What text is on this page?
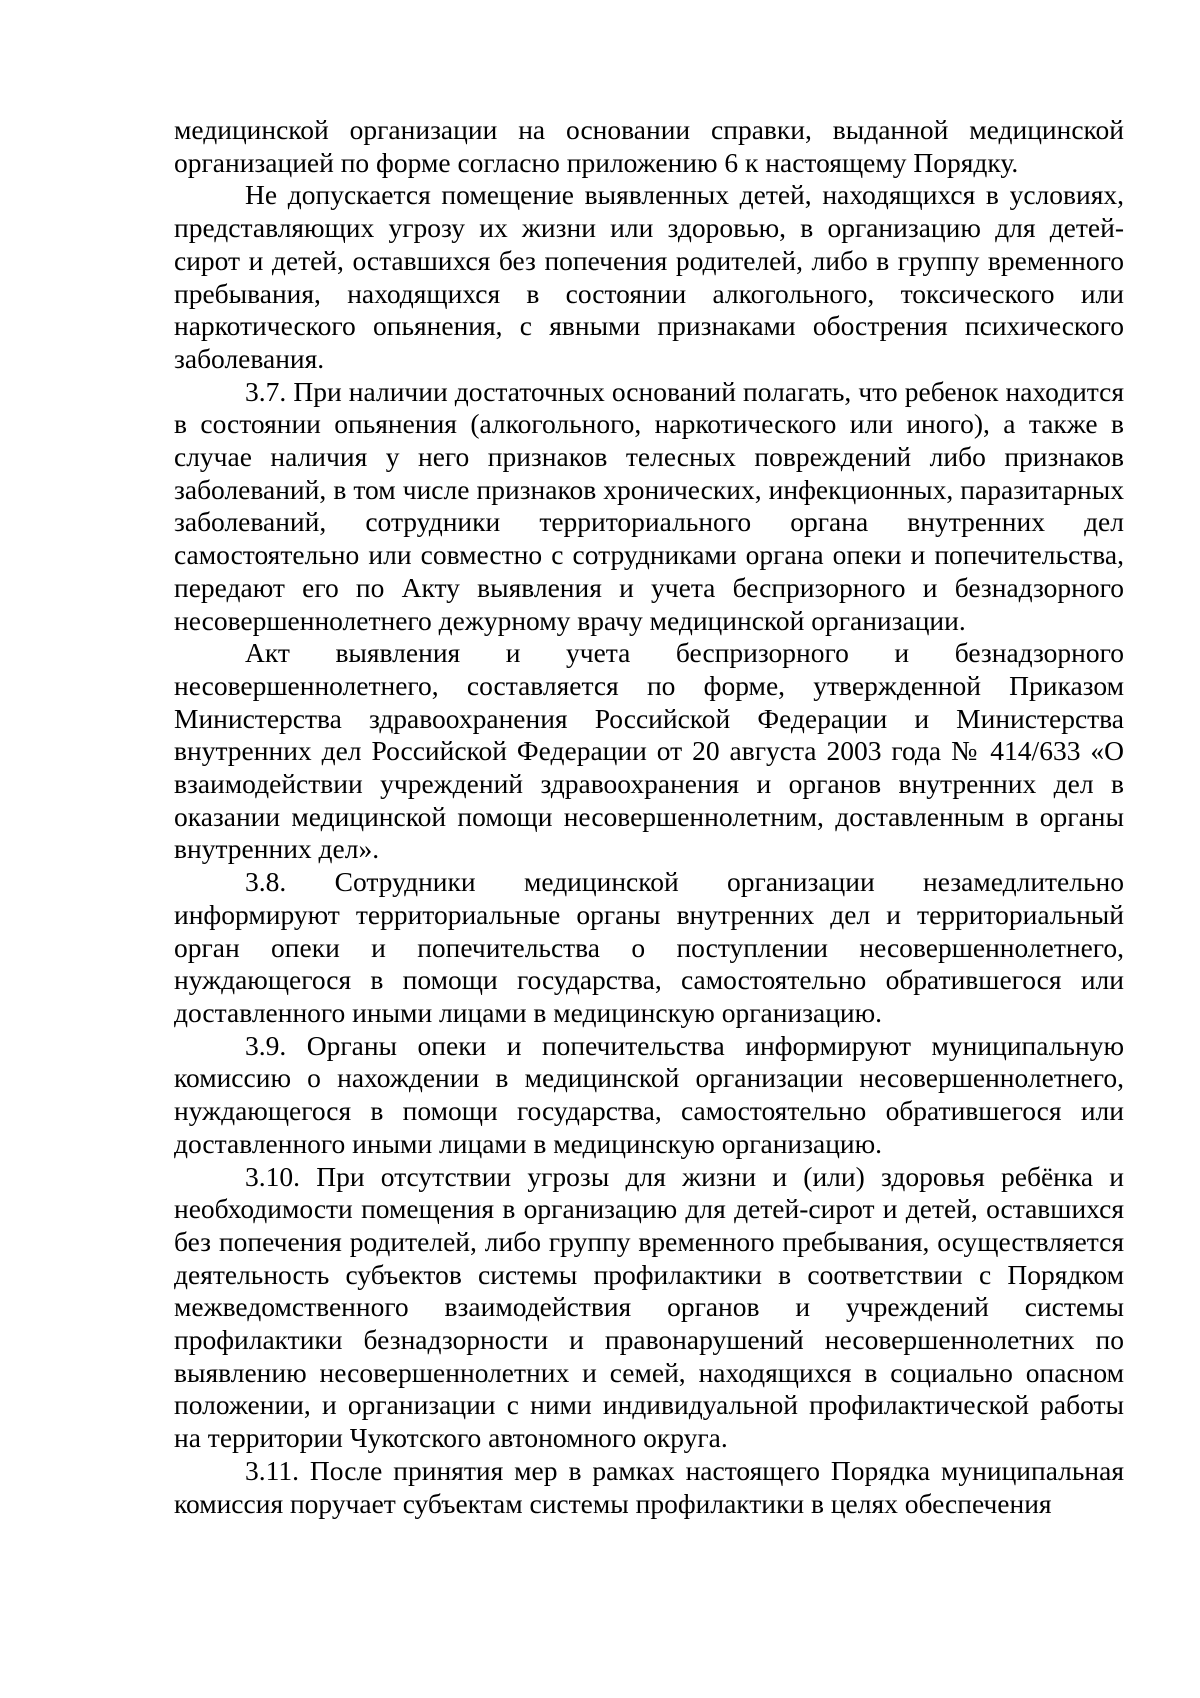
медицинской организации на основании справки, выданной медицинской организацией по форме согласно приложению 6 к настоящему Порядку.

Не допускается помещение выявленных детей, находящихся в условиях, представляющих угрозу их жизни или здоровью, в организацию для детей-сирот и детей, оставшихся без попечения родителей, либо в группу временного пребывания, находящихся в состоянии алкогольного, токсического или наркотического опьянения, с явными признаками обострения психического заболевания.

3.7. При наличии достаточных оснований полагать, что ребенок находится в состоянии опьянения (алкогольного, наркотического или иного), а также в случае наличия у него признаков телесных повреждений либо признаков заболеваний, в том числе признаков хронических, инфекционных, паразитарных заболеваний, сотрудники территориального органа внутренних дел самостоятельно или совместно с сотрудниками органа опеки и попечительства, передают его по Акту выявления и учета беспризорного и безнадзорного несовершеннолетнего дежурному врачу медицинской организации.

Акт выявления и учета беспризорного и безнадзорного несовершеннолетнего, составляется по форме, утвержденной Приказом Министерства здравоохранения Российской Федерации и Министерства внутренних дел Российской Федерации от 20 августа 2003 года № 414/633 «О взаимодействии учреждений здравоохранения и органов внутренних дел в оказании медицинской помощи несовершеннолетним, доставленным в органы внутренних дел».

3.8. Сотрудники медицинской организации незамедлительно информируют территориальные органы внутренних дел и территориальный орган опеки и попечительства о поступлении несовершеннолетнего, нуждающегося в помощи государства, самостоятельно обратившегося или доставленного иными лицами в медицинскую организацию.

3.9. Органы опеки и попечительства информируют муниципальную комиссию о нахождении в медицинской организации несовершеннолетнего, нуждающегося в помощи государства, самостоятельно обратившегося или доставленного иными лицами в медицинскую организацию.

3.10. При отсутствии угрозы для жизни и (или) здоровья ребёнка и необходимости помещения в организацию для детей-сирот и детей, оставшихся без попечения родителей, либо группу временного пребывания, осуществляется деятельность субъектов системы профилактики в соответствии с Порядком межведомственного взаимодействия органов и учреждений системы профилактики безнадзорности и правонарушений несовершеннолетних по выявлению несовершеннолетних и семей, находящихся в социально опасном положении, и организации с ними индивидуальной профилактической работы на территории Чукотского автономного округа.

3.11. После принятия мер в рамках настоящего Порядка муниципальная комиссия поручает субъектам системы профилактики в целях обеспечения
